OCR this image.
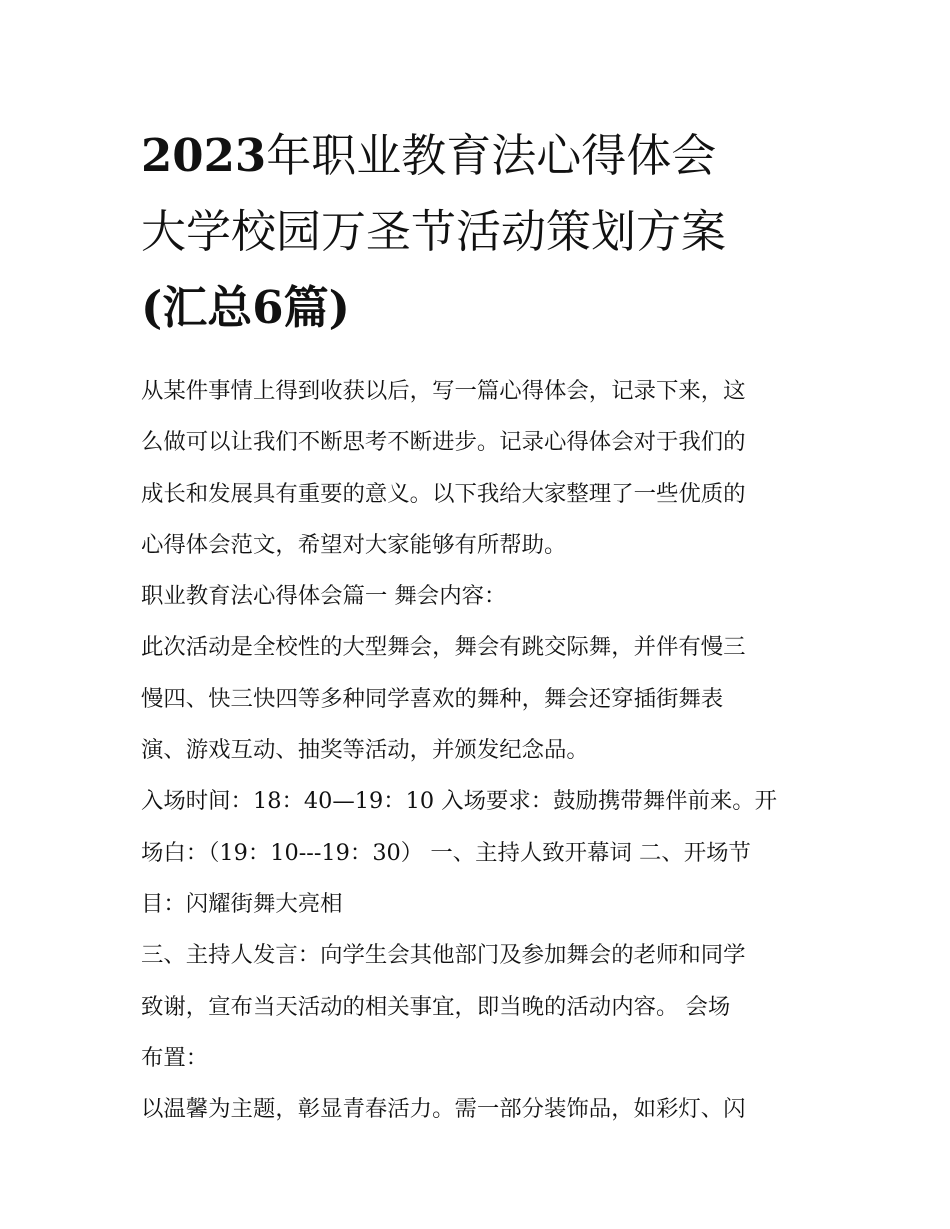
2023年职业教育法心得体会
大学校园万圣节活动策划方案
(汇总6篇)

从某件事情上得到收获以后，写一篇心得体会，记录下来，这
么做可以让我们不断思考不断进步。记录心得体会对于我们的
成长和发展具有重要的意义。以下我给大家整理了一些优质的
心得体会范文，希望对大家能够有所帮助。

职业教育法心得体会篇一 舞会内容：

此次活动是全校性的大型舞会，舞会有跳交际舞，并伴有慢三
慢四、快三快四等多种同学喜欢的舞种，舞会还穿插街舞表
演、游戏互动、抽奖等活动，并颁发纪念品。

入场时间：18：40—19：10 入场要求：鼓励携带舞伴前来。开
场白：（19：10---19：30） 一、主持人致开幕词 二、开场节
目：闪耀街舞大亮相

三、主持人发言：向学生会其他部门及参加舞会的老师和同学
致谢，宣布当天活动的相关事宜，即当晚的活动内容。 会场
布置：

以温馨为主题，彰显青春活力。需一部分装饰品，如彩灯、闪
